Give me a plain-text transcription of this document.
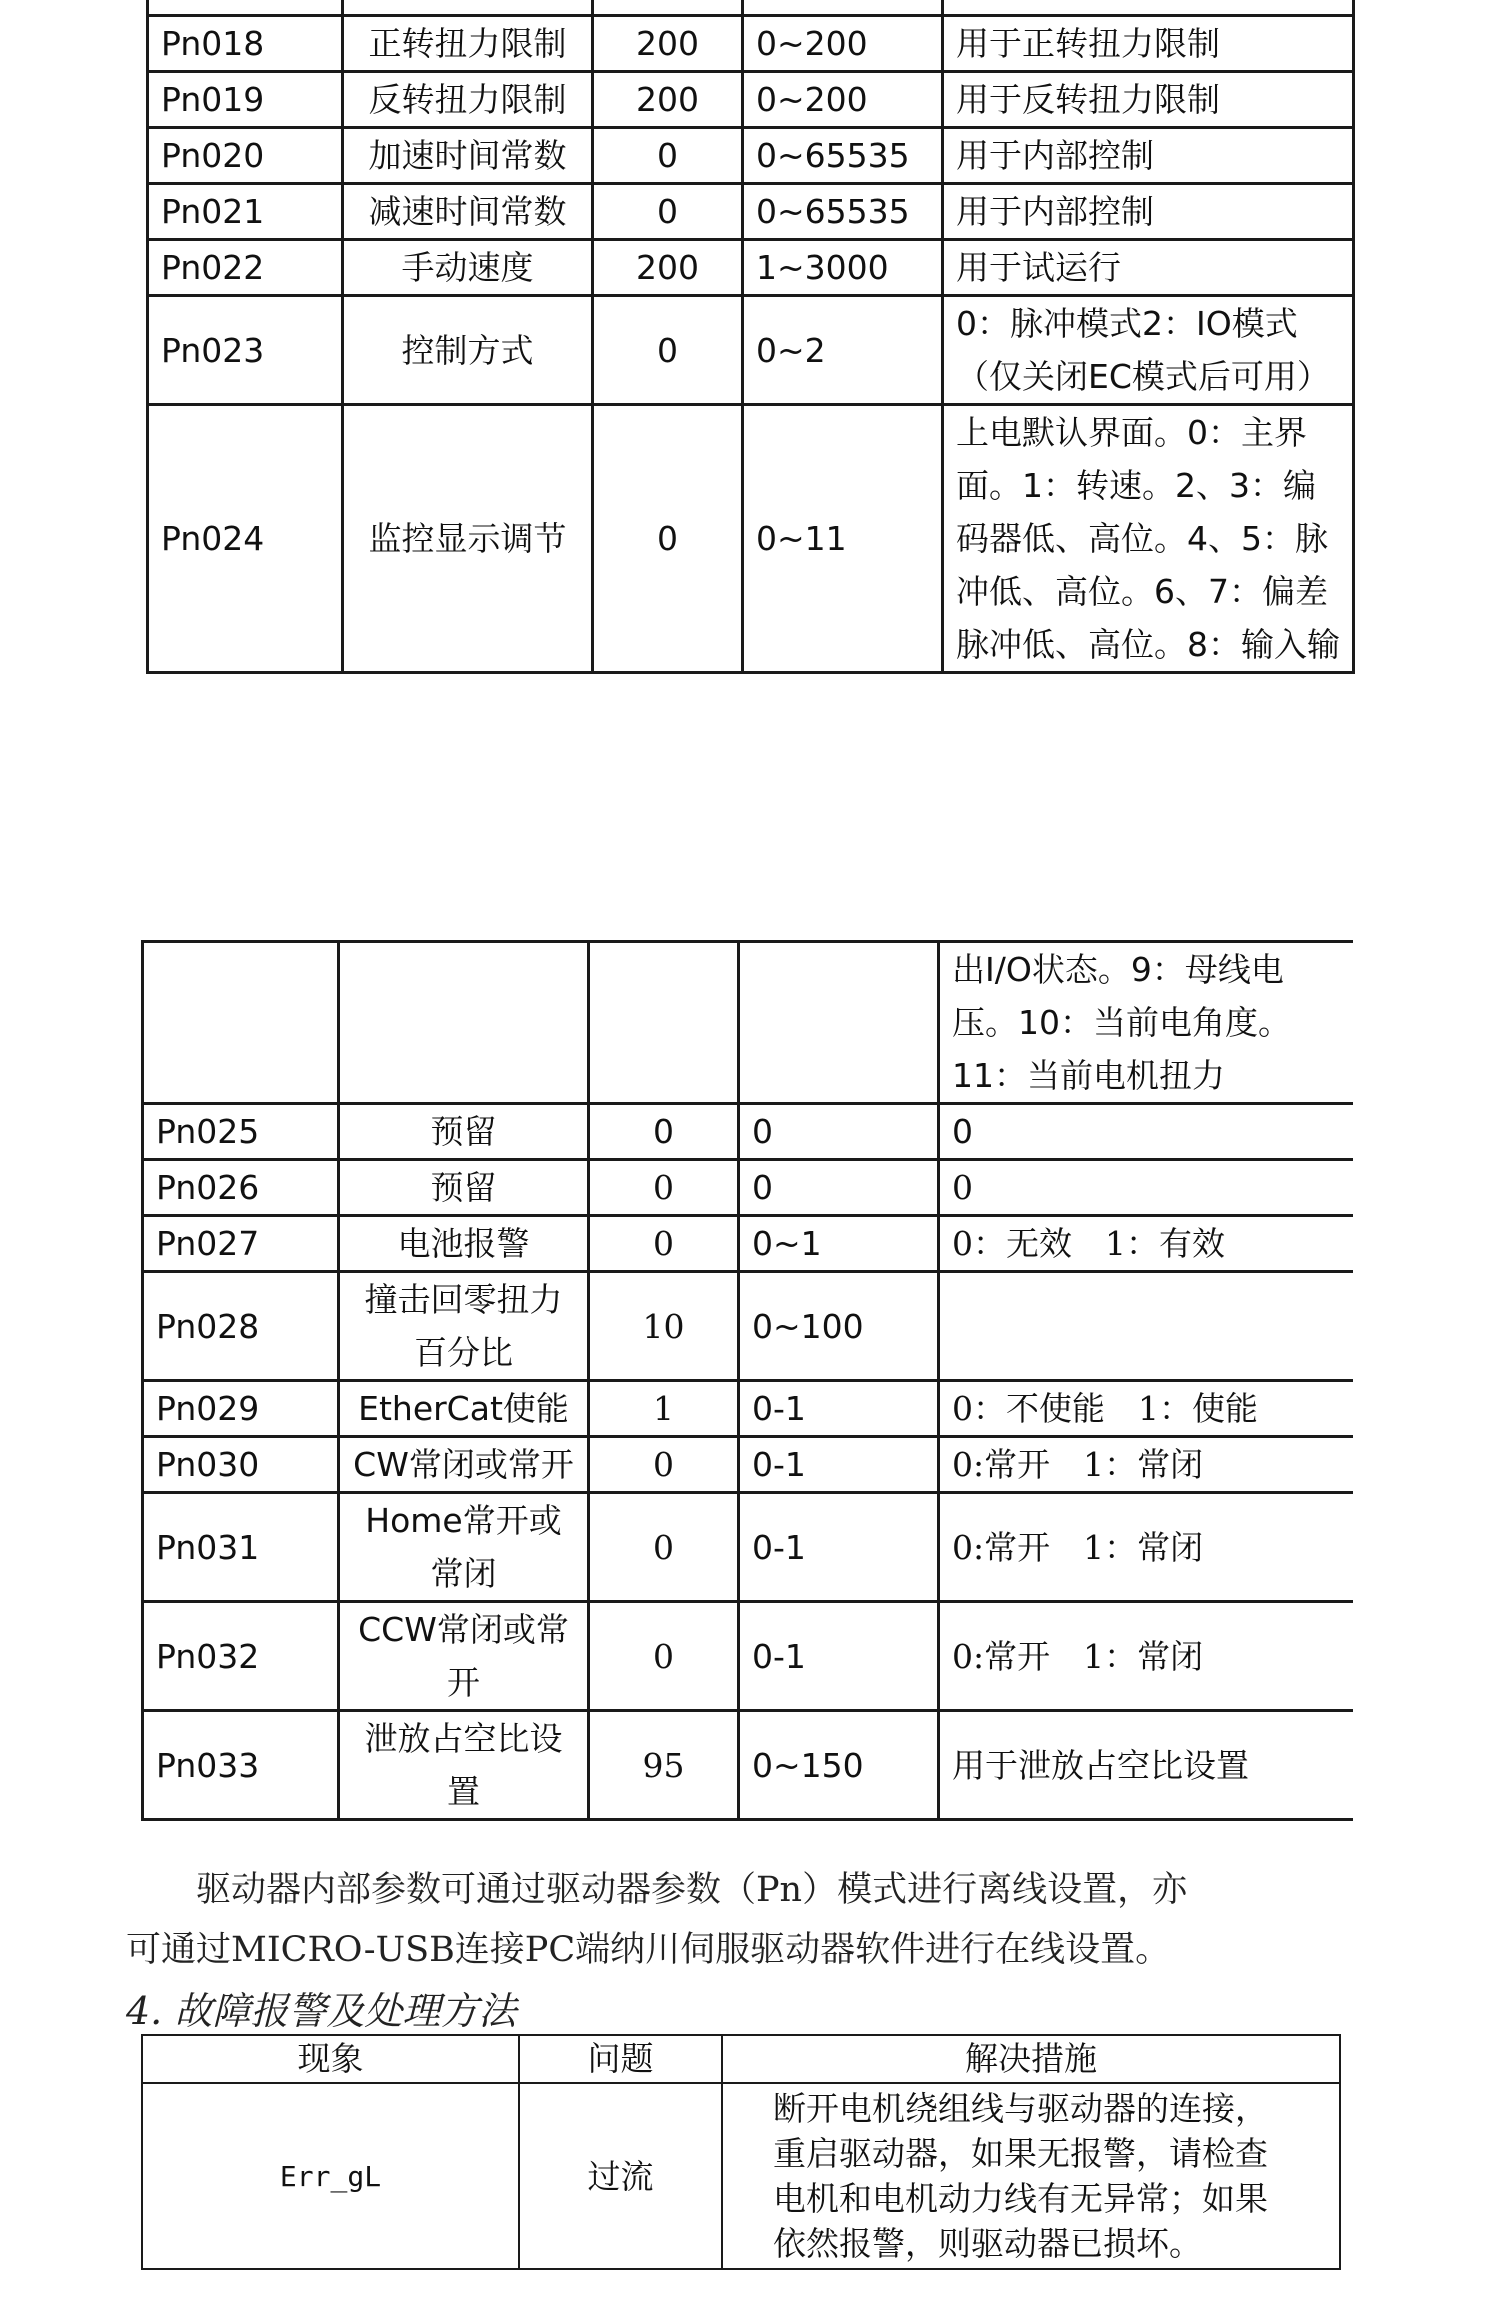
Pn018	正转扭力限制	200	0~200	用于正转扭力限制
Pn019	反转扭力限制	200	0~200	用于反转扭力限制
Pn020	加速时间常数	0	0~65535	用于内部控制
Pn021	减速时间常数	0	0~65535	用于内部控制
Pn022	手动速度	200	1~3000	用于试运行
Pn023	控制方式	0	0~2	0：脉冲模式2：IO模式（仅关闭EC模式后可用）
Pn024	监控显示调节	0	0~11	上电默认界面。0：主界面。1：转速。2、3：编码器低、高位。4、5：脉冲低、高位。6、7：偏差脉冲低、高位。8：输入输
				出I/O状态。9：母线电压。10：当前电角度。11：当前电机扭力
Pn025	预留	0	0	0
Pn026	预留	0	0	0
Pn027	电池报警	0	0~1	0：无效　1：有效
Pn028	撞击回零扭力百分比	10	0~100	
Pn029	EtherCat使能	1	0-1	0：不使能　1：使能
Pn030	CW常闭或常开	0	0-1	0:常开　1：常闭
Pn031	Home常开或常闭	0	0-1	0:常开　1：常闭
Pn032	CCW常闭或常开	0	0-1	0:常开　1：常闭
Pn033	泄放占空比设置	95	0~150	用于泄放占空比设置
驱动器内部参数可通过驱动器参数（Pn）模式进行离线设置，亦
可通过MICRO-USB连接PC端纳川伺服驱动器软件进行在线设置。
4. 故障报警及处理方法
现象	问题	解决措施
Err_gL	过流	断开电机绕组线与驱动器的连接，重启驱动器，如果无报警，请检查电机和电机动力线有无异常；如果依然报警，则驱动器已损坏。
